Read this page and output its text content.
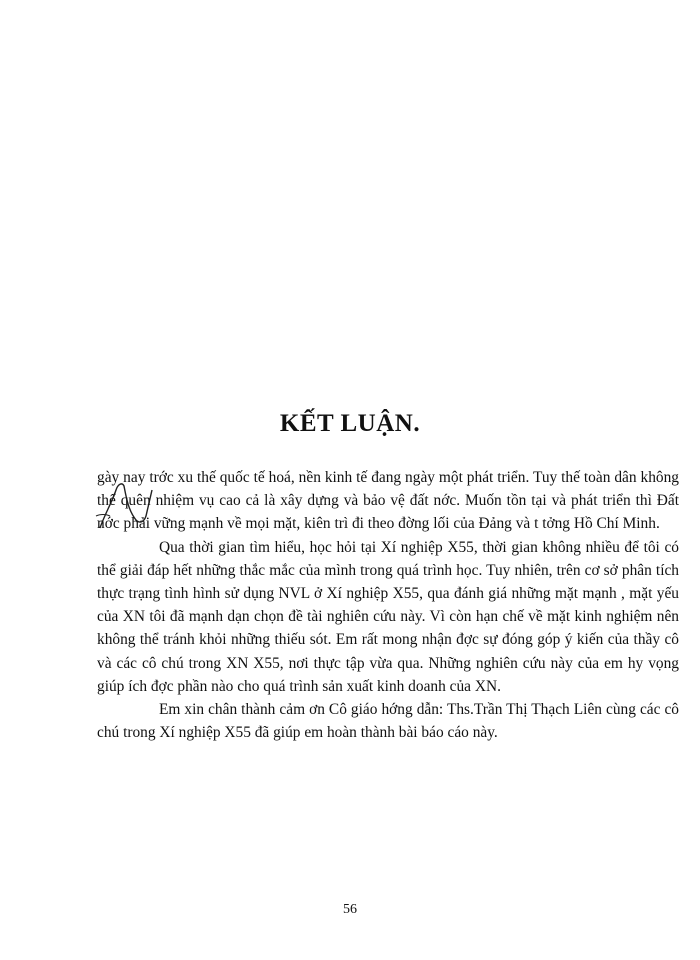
KẾT LUẬN.

gày nay trớc xu thế quốc tế hoá, nền kinh tế đang ngày một phát triển. Tuy thế toàn dân không thể quên nhiệm vụ cao cả là xây dựng và bảo vệ đất nớc. Muốn tồn tại và phát triển thì Đất nớc phải vững mạnh về mọi mặt, kiên trì đi theo đờng lối của Đảng và t tởng Hồ Chí Minh.

Qua thời gian tìm hiểu, học hỏi tại Xí nghiệp X55, thời gian không nhiều để tôi có thể giải đáp hết những thắc mắc của mình trong quá trình học. Tuy nhiên, trên cơ sở phân tích thực trạng tình hình sử dụng NVL ở Xí nghiệp X55, qua đánh giá những mặt mạnh , mặt yếu của XN tôi đã mạnh dạn chọn đề tài nghiên cứu này. Vì còn hạn chế về mặt kinh nghiệm nên không thể tránh khỏi những thiếu sót. Em rất mong nhận đợc sự đóng góp ý kiến của thầy cô và các cô chú trong XN X55, nơi thực tập vừa qua. Những nghiên cứu này của em hy vọng giúp ích đợc phần nào cho quá trình sản xuất kinh doanh của XN.

Em xin chân thành cảm ơn Cô giáo hớng dẫn: Ths.Trần Thị Thạch Liên cùng các cô chú trong Xí nghiệp X55 đã giúp em hoàn thành bài báo cáo này.

56
